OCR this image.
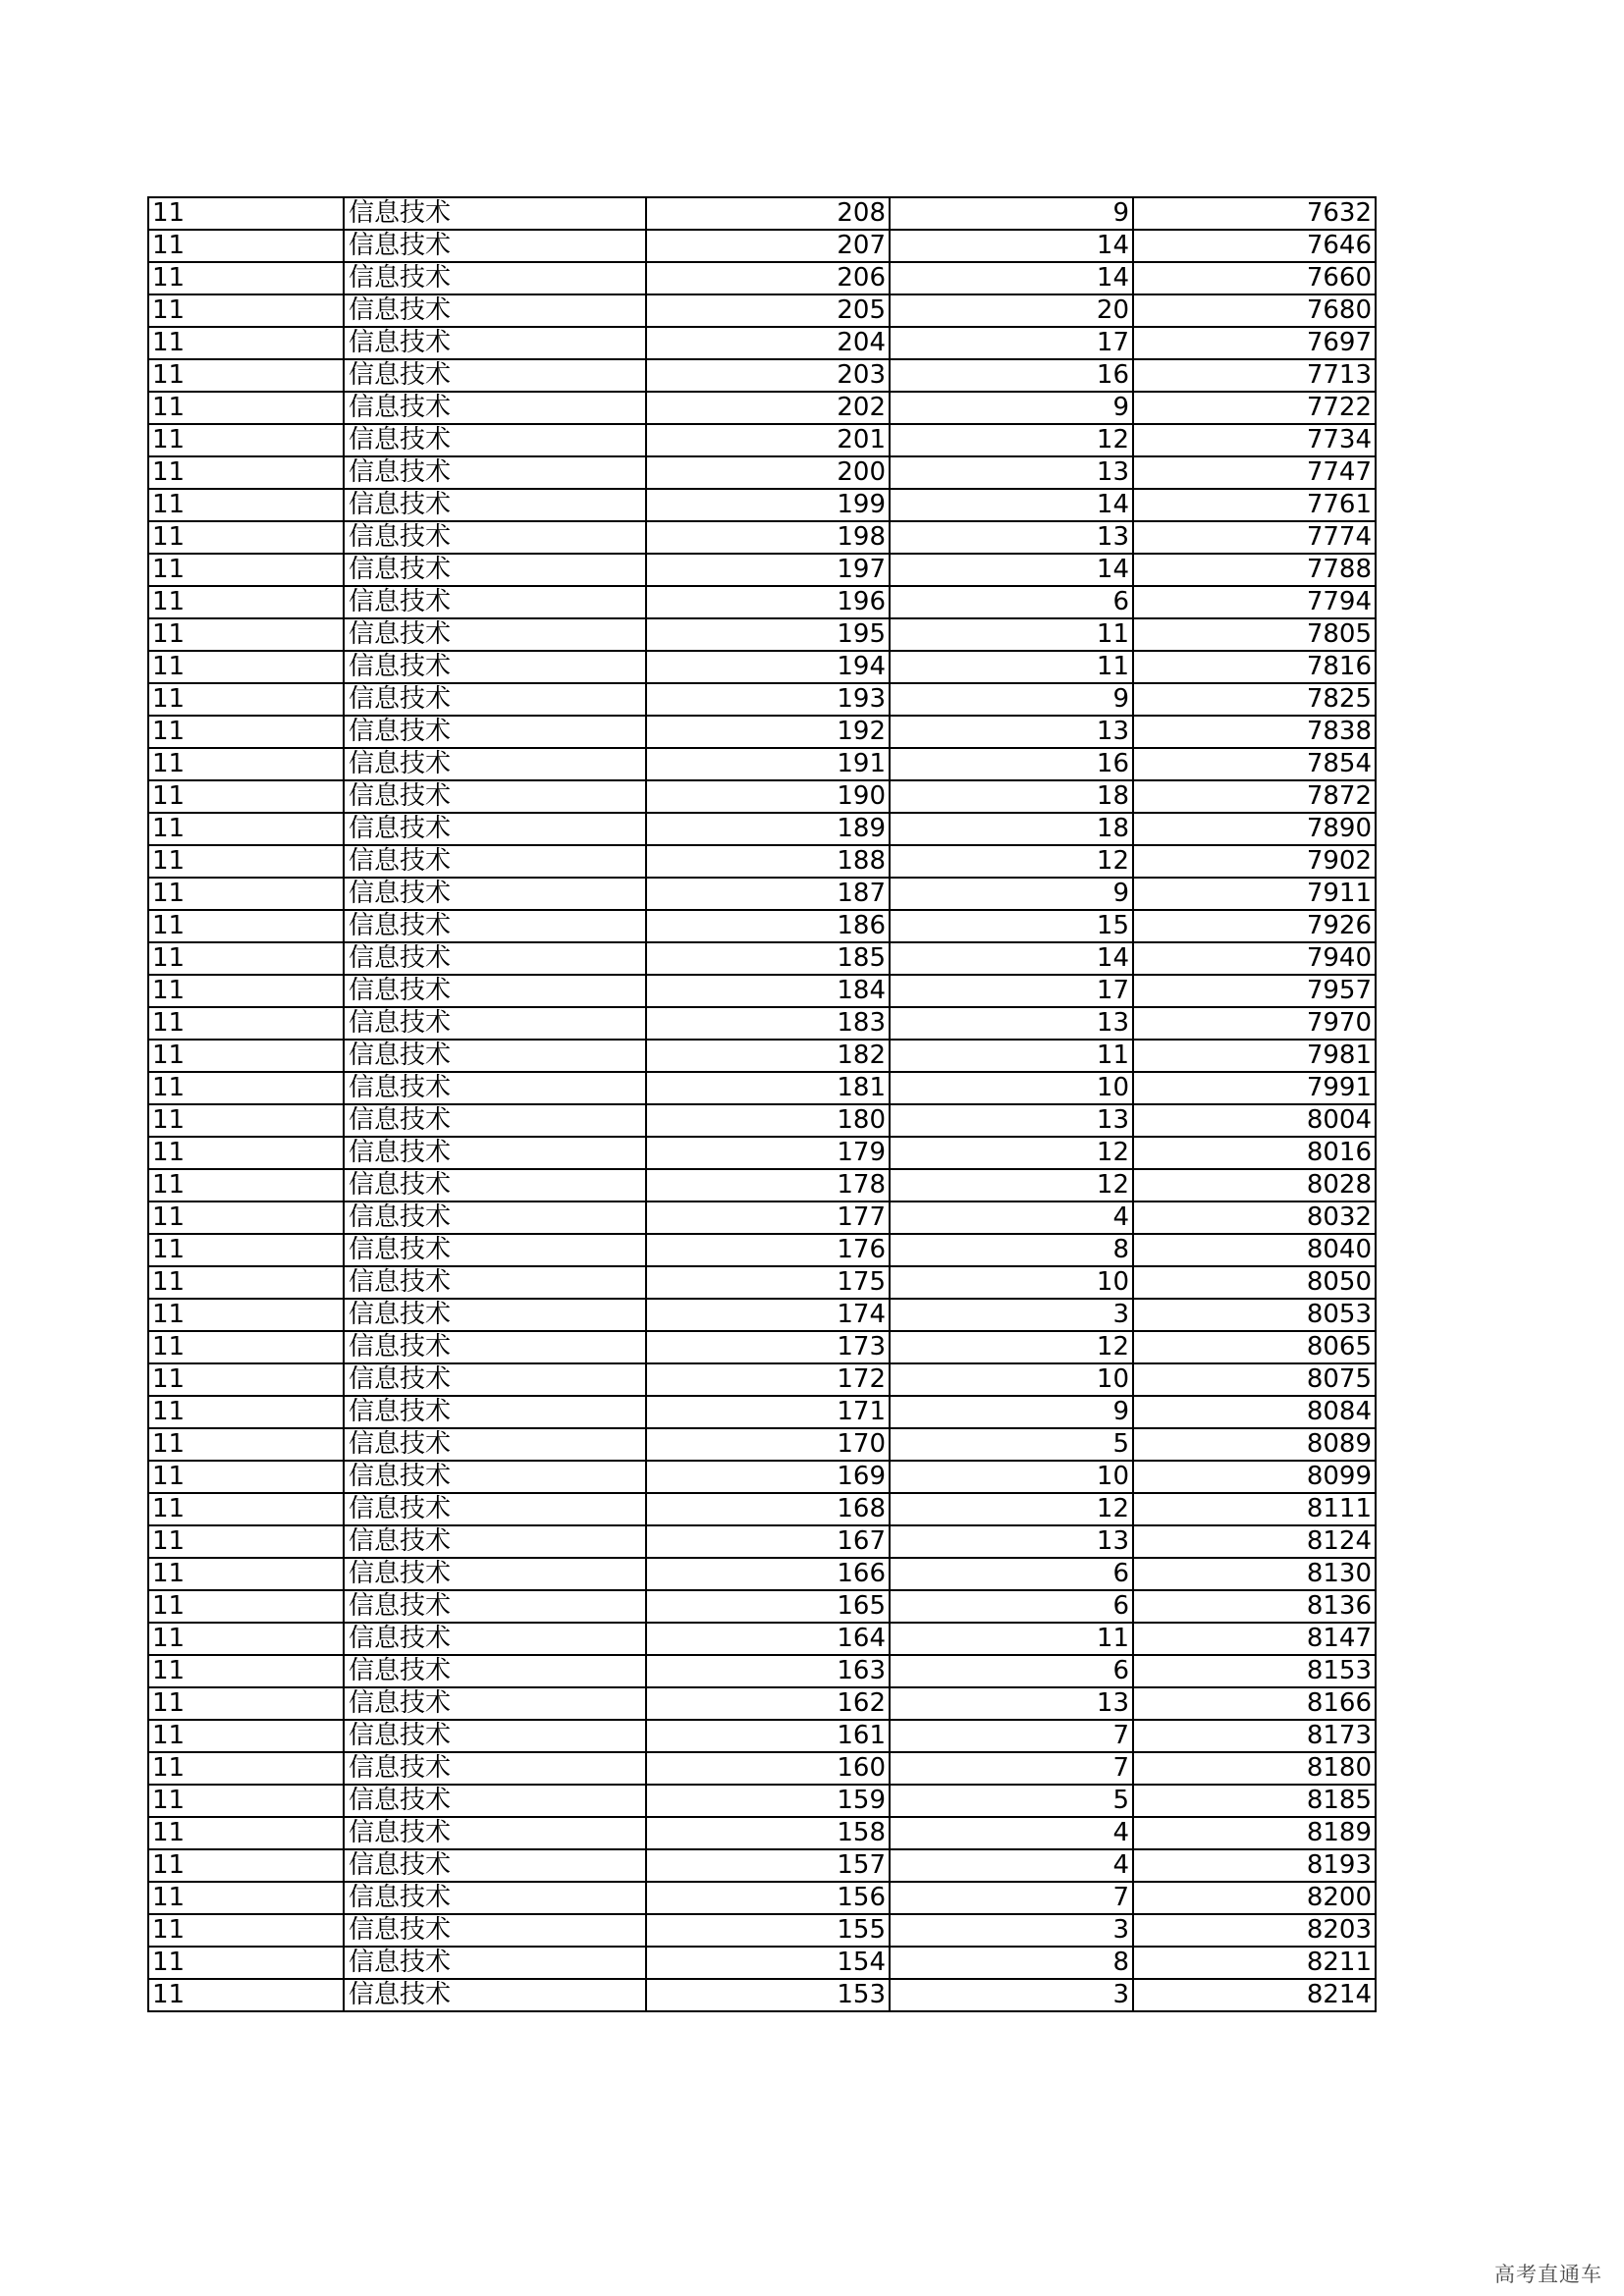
11	信息技术	208	9	7632
11	信息技术	207	14	7646
11	信息技术	206	14	7660
11	信息技术	205	20	7680
11	信息技术	204	17	7697
11	信息技术	203	16	7713
11	信息技术	202	9	7722
11	信息技术	201	12	7734
11	信息技术	200	13	7747
11	信息技术	199	14	7761
11	信息技术	198	13	7774
11	信息技术	197	14	7788
11	信息技术	196	6	7794
11	信息技术	195	11	7805
11	信息技术	194	11	7816
11	信息技术	193	9	7825
11	信息技术	192	13	7838
11	信息技术	191	16	7854
11	信息技术	190	18	7872
11	信息技术	189	18	7890
11	信息技术	188	12	7902
11	信息技术	187	9	7911
11	信息技术	186	15	7926
11	信息技术	185	14	7940
11	信息技术	184	17	7957
11	信息技术	183	13	7970
11	信息技术	182	11	7981
11	信息技术	181	10	7991
11	信息技术	180	13	8004
11	信息技术	179	12	8016
11	信息技术	178	12	8028
11	信息技术	177	4	8032
11	信息技术	176	8	8040
11	信息技术	175	10	8050
11	信息技术	174	3	8053
11	信息技术	173	12	8065
11	信息技术	172	10	8075
11	信息技术	171	9	8084
11	信息技术	170	5	8089
11	信息技术	169	10	8099
11	信息技术	168	12	8111
11	信息技术	167	13	8124
11	信息技术	166	6	8130
11	信息技术	165	6	8136
11	信息技术	164	11	8147
11	信息技术	163	6	8153
11	信息技术	162	13	8166
11	信息技术	161	7	8173
11	信息技术	160	7	8180
11	信息技术	159	5	8185
11	信息技术	158	4	8189
11	信息技术	157	4	8193
11	信息技术	156	7	8200
11	信息技术	155	3	8203
11	信息技术	154	8	8211
11	信息技术	153	3	8214
高考直通车
